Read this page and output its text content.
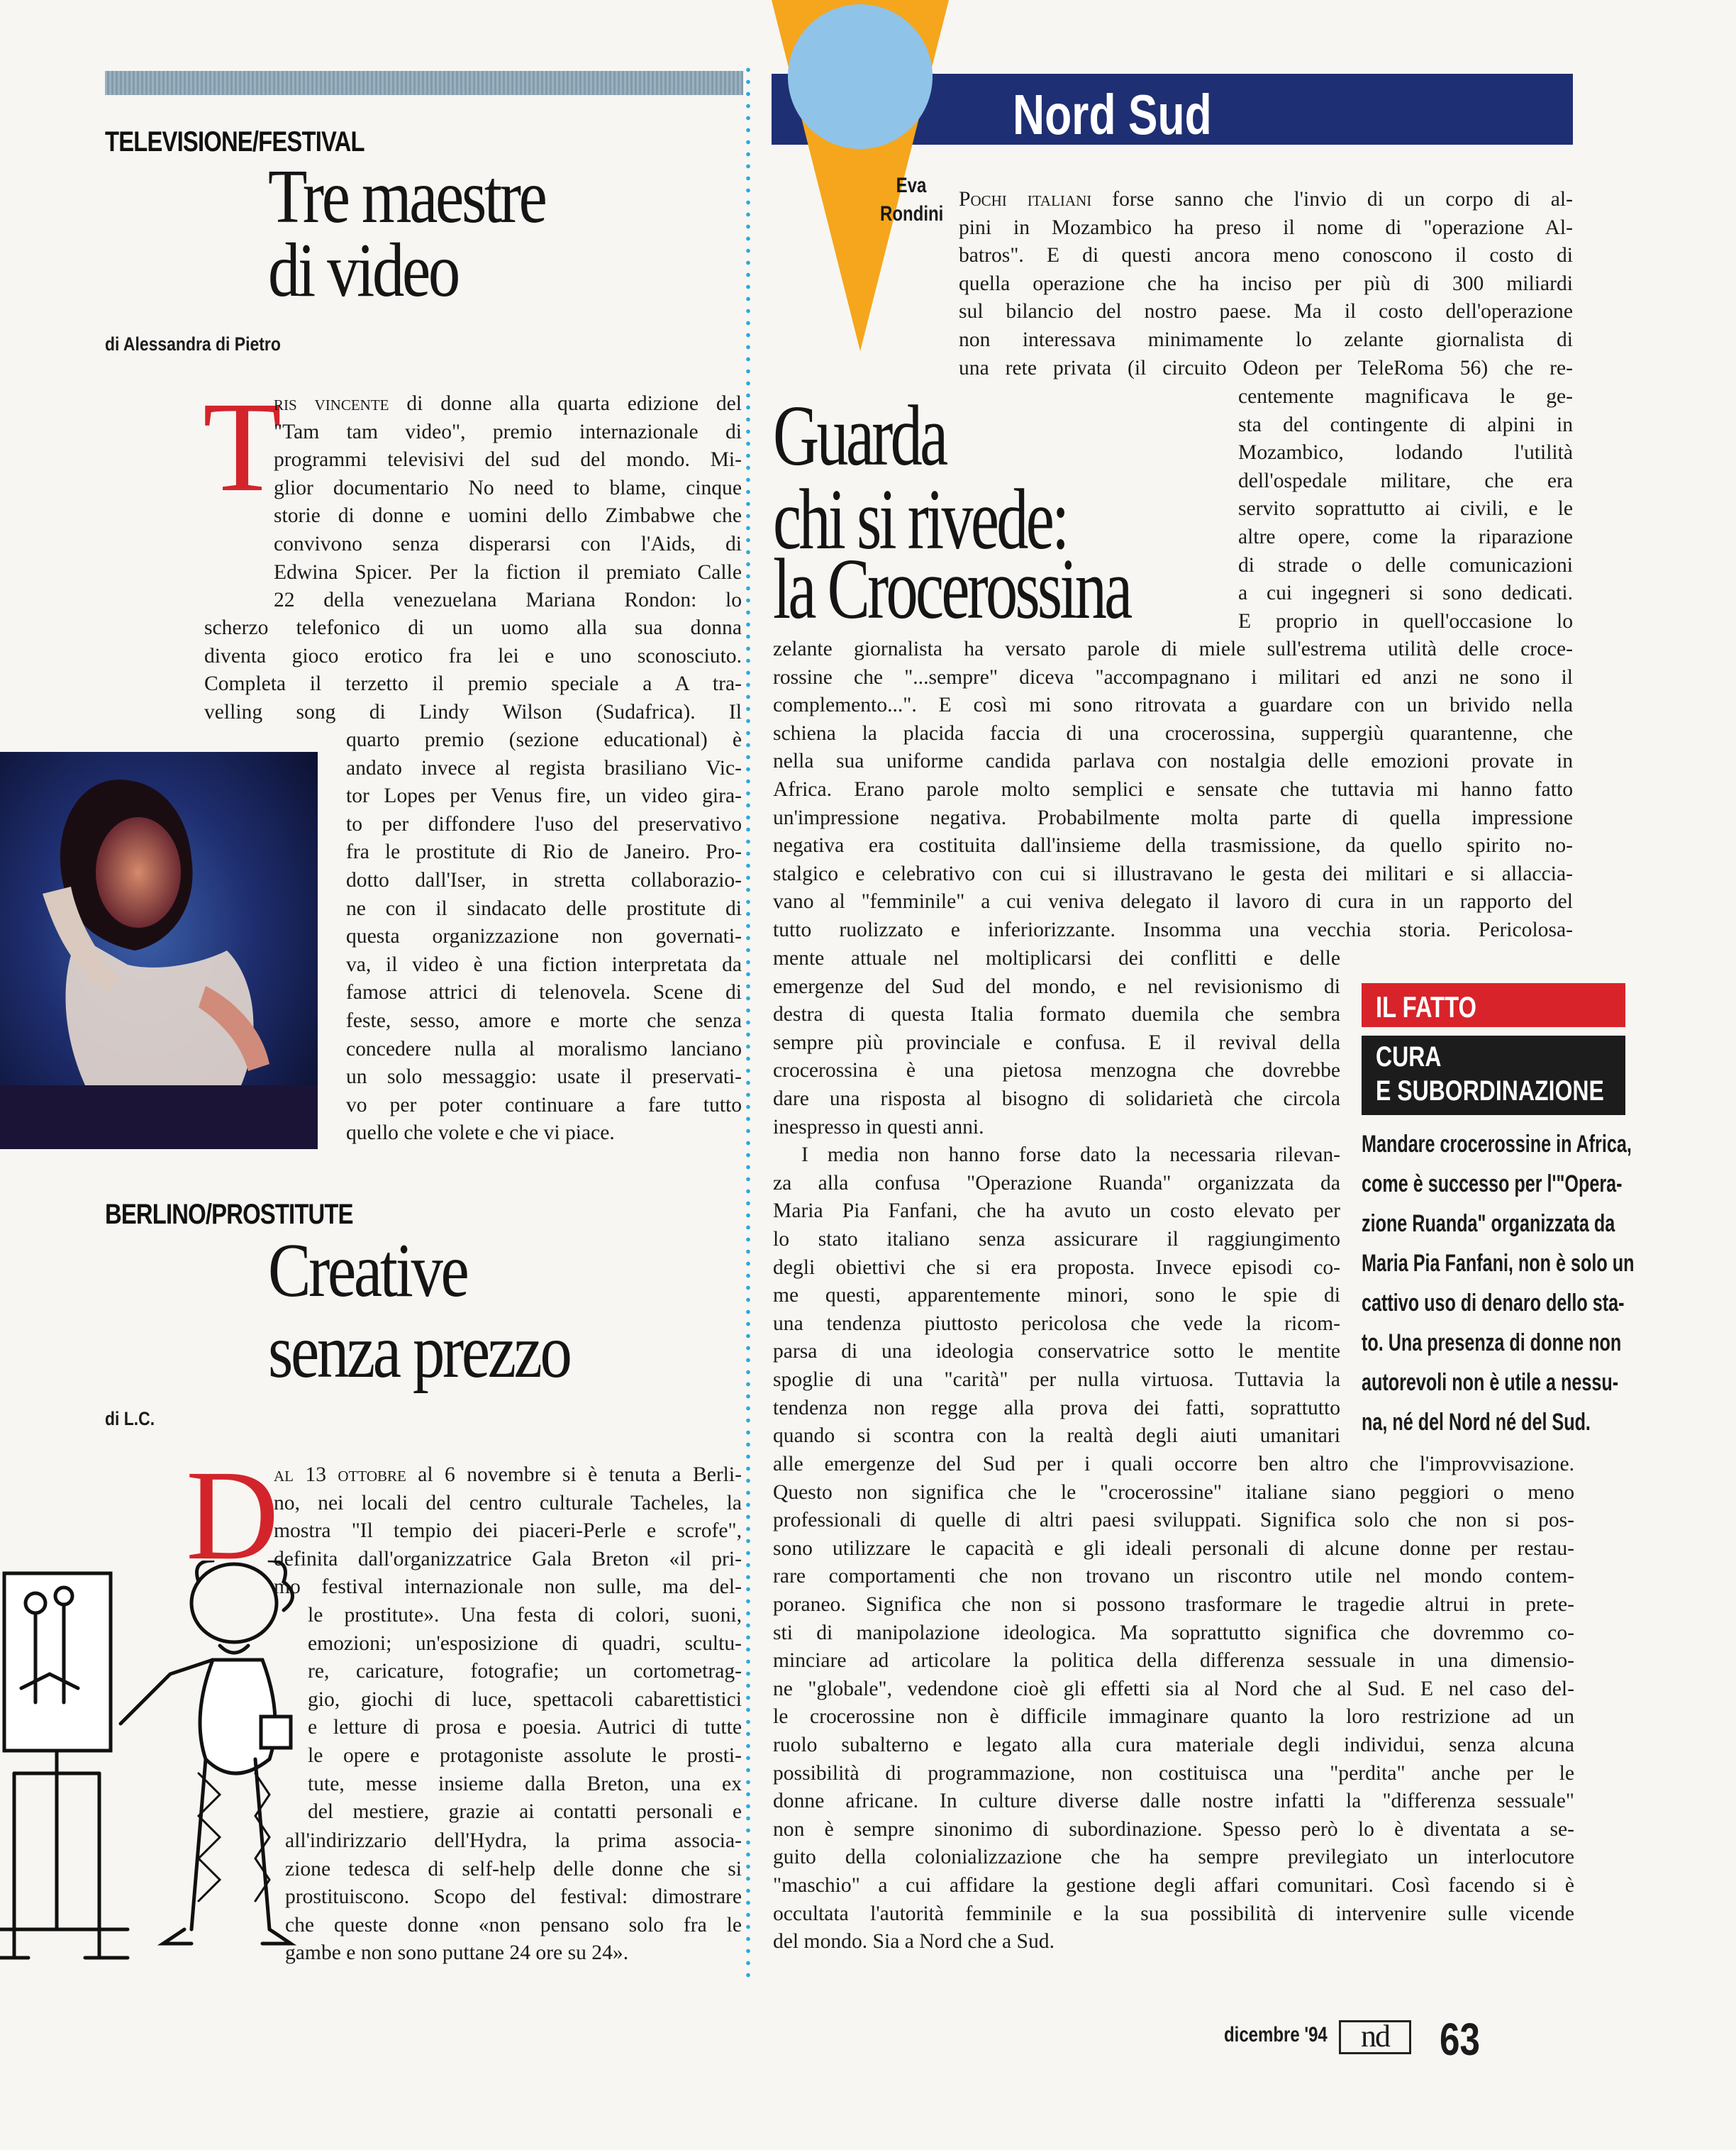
TELEVISIONE/FESTIVAL
Tre maestre
di video
di Alessandra di Pietro
T
ris vincente di donne alla quarta edizione del
"Tam tam video", premio internazionale di
programmi televisivi del sud del mondo. Mi-
glior documentario No need to blame, cinque
storie di donne e uomini dello Zimbabwe che
convivono senza disperarsi con l'Aids, di
Edwina Spicer. Per la fiction il premiato Calle
22 della venezuelana Mariana Rondon: lo
scherzo telefonico di un uomo alla sua donna
diventa gioco erotico fra lei e uno sconosciuto.
Completa il terzetto il premio speciale a A tra-
velling song di Lindy Wilson (Sudafrica). Il
quarto premio (sezione educational) è
andato invece al regista brasiliano Vic-
tor Lopes per Venus fire, un video gira-
to per diffondere l'uso del preservativo
fra le prostitute di Rio de Janeiro. Pro-
dotto dall'Iser, in stretta collaborazio-
ne con il sindacato delle prostitute di
questa organizzazione non governati-
va, il video è una fiction interpretata da
famose attrici di telenovela. Scene di
feste, sesso, amore e morte che senza
concedere nulla al moralismo lanciano
un solo messaggio: usate il preservati-
vo per poter continuare a fare tutto
quello che volete e che vi piace.
BERLINO/PROSTITUTE
Creative
senza prezzo
di L.C.
D
al 13 ottobre al 6 novembre si è tenuta a Berli-
no, nei locali del centro culturale Tacheles, la
mostra "Il tempio dei piaceri-Perle e scrofe",
definita dall'organizzatrice Gala Breton «il pri-
mo festival internazionale non sulle, ma del-
le prostitute». Una festa di colori, suoni,
emozioni; un'esposizione di quadri, scultu-
re, caricature, fotografie; un cortometrag-
gio, giochi di luce, spettacoli cabarettistici
e letture di prosa e poesia. Autrici di tutte
le opere e protagoniste assolute le prosti-
tute, messe insieme dalla Breton, una ex
del mestiere, grazie ai contatti personali e
all'indirizzario dell'Hydra, la prima associa-
zione tedesca di self-help delle donne che si
prostituiscono. Scopo del festival: dimostrare
che queste donne «non pensano solo fra le
gambe e non sono puttane 24 ore su 24».
Nord Sud
Eva
Rondini
Guarda
chi si rivede:
la Crocerossina
Pochi italiani forse sanno che l'invio di un corpo di al-
pini in Mozambico ha preso il nome di "operazione Al-
batros". E di questi ancora meno conoscono il costo di
quella operazione che ha inciso per più di 300 miliardi
sul bilancio del nostro paese. Ma il costo dell'operazione
non interessava minimamente lo zelante giornalista di
una rete privata (il circuito Odeon per TeleRoma 56) che re-
centemente magnificava le ge-
sta del contingente di alpini in
Mozambico, lodando l'utilità
dell'ospedale militare, che era
servito soprattutto ai civili, e le
altre opere, come la riparazione
di strade o delle comunicazioni
a cui ingegneri si sono dedicati.
E proprio in quell'occasione lo
zelante giornalista ha versato parole di miele sull'estrema utilità delle croce-
rossine che "...sempre" diceva "accompagnano i militari ed anzi ne sono il
complemento...". E così mi sono ritrovata a guardare con un brivido nella
schiena la placida faccia di una crocerossina, suppergiù quarantenne, che
nella sua uniforme candida parlava con nostalgia delle emozioni provate in
Africa. Erano parole molto semplici e sensate che tuttavia mi hanno fatto
un'impressione negativa. Probabilmente molta parte di quella impressione
negativa era costituita dall'insieme della trasmissione, da quello spirito no-
stalgico e celebrativo con cui si illustravano le gesta dei militari e si allaccia-
vano al "femminile" a cui veniva delegato il lavoro di cura in un rapporto del
tutto ruolizzato e inferiorizzante. Insomma una vecchia storia. Pericolosa-
mente attuale nel moltiplicarsi dei conflitti e delle
emergenze del Sud del mondo, e nel revisionismo di
destra di questa Italia formato duemila che sembra
sempre più provinciale e confusa. E il revival della
crocerossina è una pietosa menzogna che dovrebbe
dare una risposta al bisogno di solidarietà che circola
inespresso in questi anni.
I media non hanno forse dato la necessaria rilevan-
za alla confusa "Operazione Ruanda" organizzata da
Maria Pia Fanfani, che ha avuto un costo elevato per
lo stato italiano senza assicurare il raggiungimento
degli obiettivi che si era proposta. Invece episodi co-
me questi, apparentemente minori, sono le spie di
una tendenza piuttosto pericolosa che vede la ricom-
parsa di una ideologia conservatrice sotto le mentite
spoglie di una "carità" per nulla virtuosa. Tuttavia la
tendenza non regge alla prova dei fatti, soprattutto
quando si scontra con la realtà degli aiuti umanitari
alle emergenze del Sud per i quali occorre ben altro che l'improvvisazione.
Questo non significa che le "crocerossine" italiane siano peggiori o meno
professionali di quelle di altri paesi sviluppati. Significa solo che non si pos-
sono utilizzare le capacità e gli ideali personali di alcune donne per restau-
rare comportamenti che non trovano un riscontro utile nel mondo contem-
poraneo. Significa che non si possono trasformare le tragedie altrui in prete-
sti di manipolazione ideologica. Ma soprattutto significa che dovremmo co-
minciare ad articolare la politica della differenza sessuale in una dimensio-
ne "globale", vedendone cioè gli effetti sia al Nord che al Sud. E nel caso del-
le crocerossine non è difficile immaginare quanto la loro restrizione ad un
ruolo subalterno e legato alla cura materiale degli individui, senza alcuna
possibilità di programmazione, non costituisca una "perdita" anche per le
donne africane. In culture diverse dalle nostre infatti la "differenza sessuale"
non è sempre sinonimo di subordinazione. Spesso però lo è diventata a se-
guito della colonializzazione che ha sempre previlegiato un interlocutore
"maschio" a cui affidare la gestione degli affari comunitari. Così facendo si è
occultata l'autorità femminile e la sua possibilità di intervenire sulle vicende
del mondo. Sia a Nord che a Sud.
IL FATTO
CURA
E SUBORDINAZIONE
Mandare crocerossine in Africa,
come è successo per l'"Opera-
zione Ruanda" organizzata da
Maria Pia Fanfani, non è solo un
cattivo uso di denaro dello sta-
to. Una presenza di donne non
autorevoli non è utile a nessu-
na, né del Nord né del Sud.
dicembre '94	nd	63
